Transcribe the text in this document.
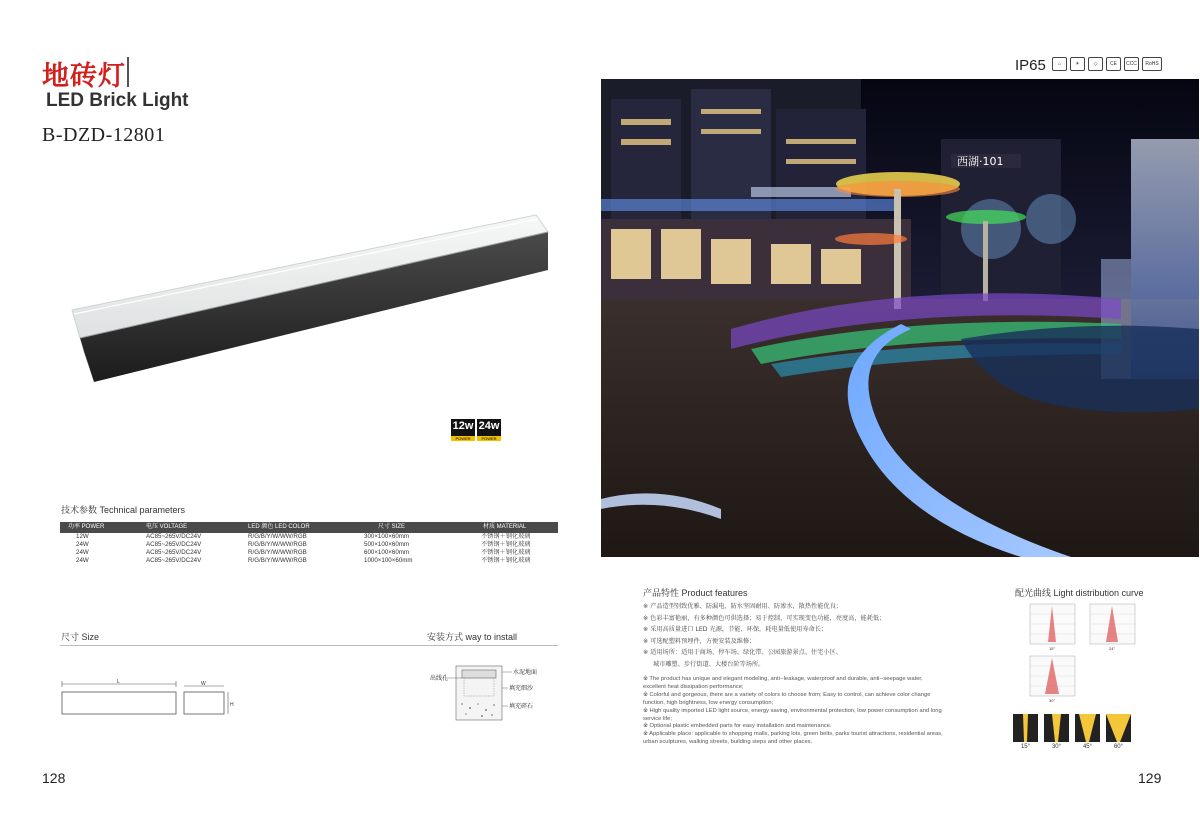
地砖灯
LED Brick Light
B-DZD-12801
12w
POWER
24w
POWER
技术参数 Technical parameters
功率 POWER	电压 VOLTAGE	LED 颜色 LED COLOR	尺寸 SIZE	材质 MATERIAL
12W	AC85~265V/DC24V	R/G/B/Y/W/WW/RGB	300×100×60mm	不锈钢＋钢化玻璃
24W	AC85~265V/DC24V	R/G/B/Y/W/WW/RGB	500×100×60mm	不锈钢＋钢化玻璃
24W	AC85~265V/DC24V	R/G/B/Y/W/WW/RGB	600×100×60mm	不锈钢＋钢化玻璃
24W	AC85~265V/DC24V	R/G/B/Y/W/WW/RGB	1000×100×60mm	不锈钢＋钢化玻璃
尺寸 Size	安装方式 way to install
L	W
H
出线孔
水泥地面
填充细沙
填充碎石
128
IP65	⌂	☀	◇	CE	CCC	RoHS
西湖·101
产品特性 Product features
※ 产品造型别致优雅、防漏电、防水坚固耐用、防渗水，散热性能优良；
※ 色彩丰富艳丽，有多种颜色可供选择；易于控制，可实现变色功能，亮度高，能耗低；
※ 采用高质量进口 LED 光源，节能、环保，耗电量低使用寿命长；
※ 可选配塑料预埋件，方便安装及维修；
※ 适用场所：适用于商场、停车场、绿化带、公园旅游景点、住宅小区、
城市雕塑、步行街道、大楼台阶等场所。
※ The product has unique and elegant modeling, anti--leakage, waterproof and durable, anti--seepage water, excellent heat dissipation performance;
※ Colorful and gorgeous, there are a variety of colors to choose from; Easy to control, can achieve color change function, high brightness, low energy consumption;
※ High quality imported LED light source, energy saving, environmental protection, low power consumption and long service life;
※ Optional plastic embedded parts for easy installation and maintenance.
※ Applicable place: applicable to shopping malls, parking lots, green belts, parks tourist attractions, residential areas, urban sculptures, walking streets, building steps and other places.
配光曲线 Light distribution curve
15°	24°
30°
15°	30°	45°	60°
129
